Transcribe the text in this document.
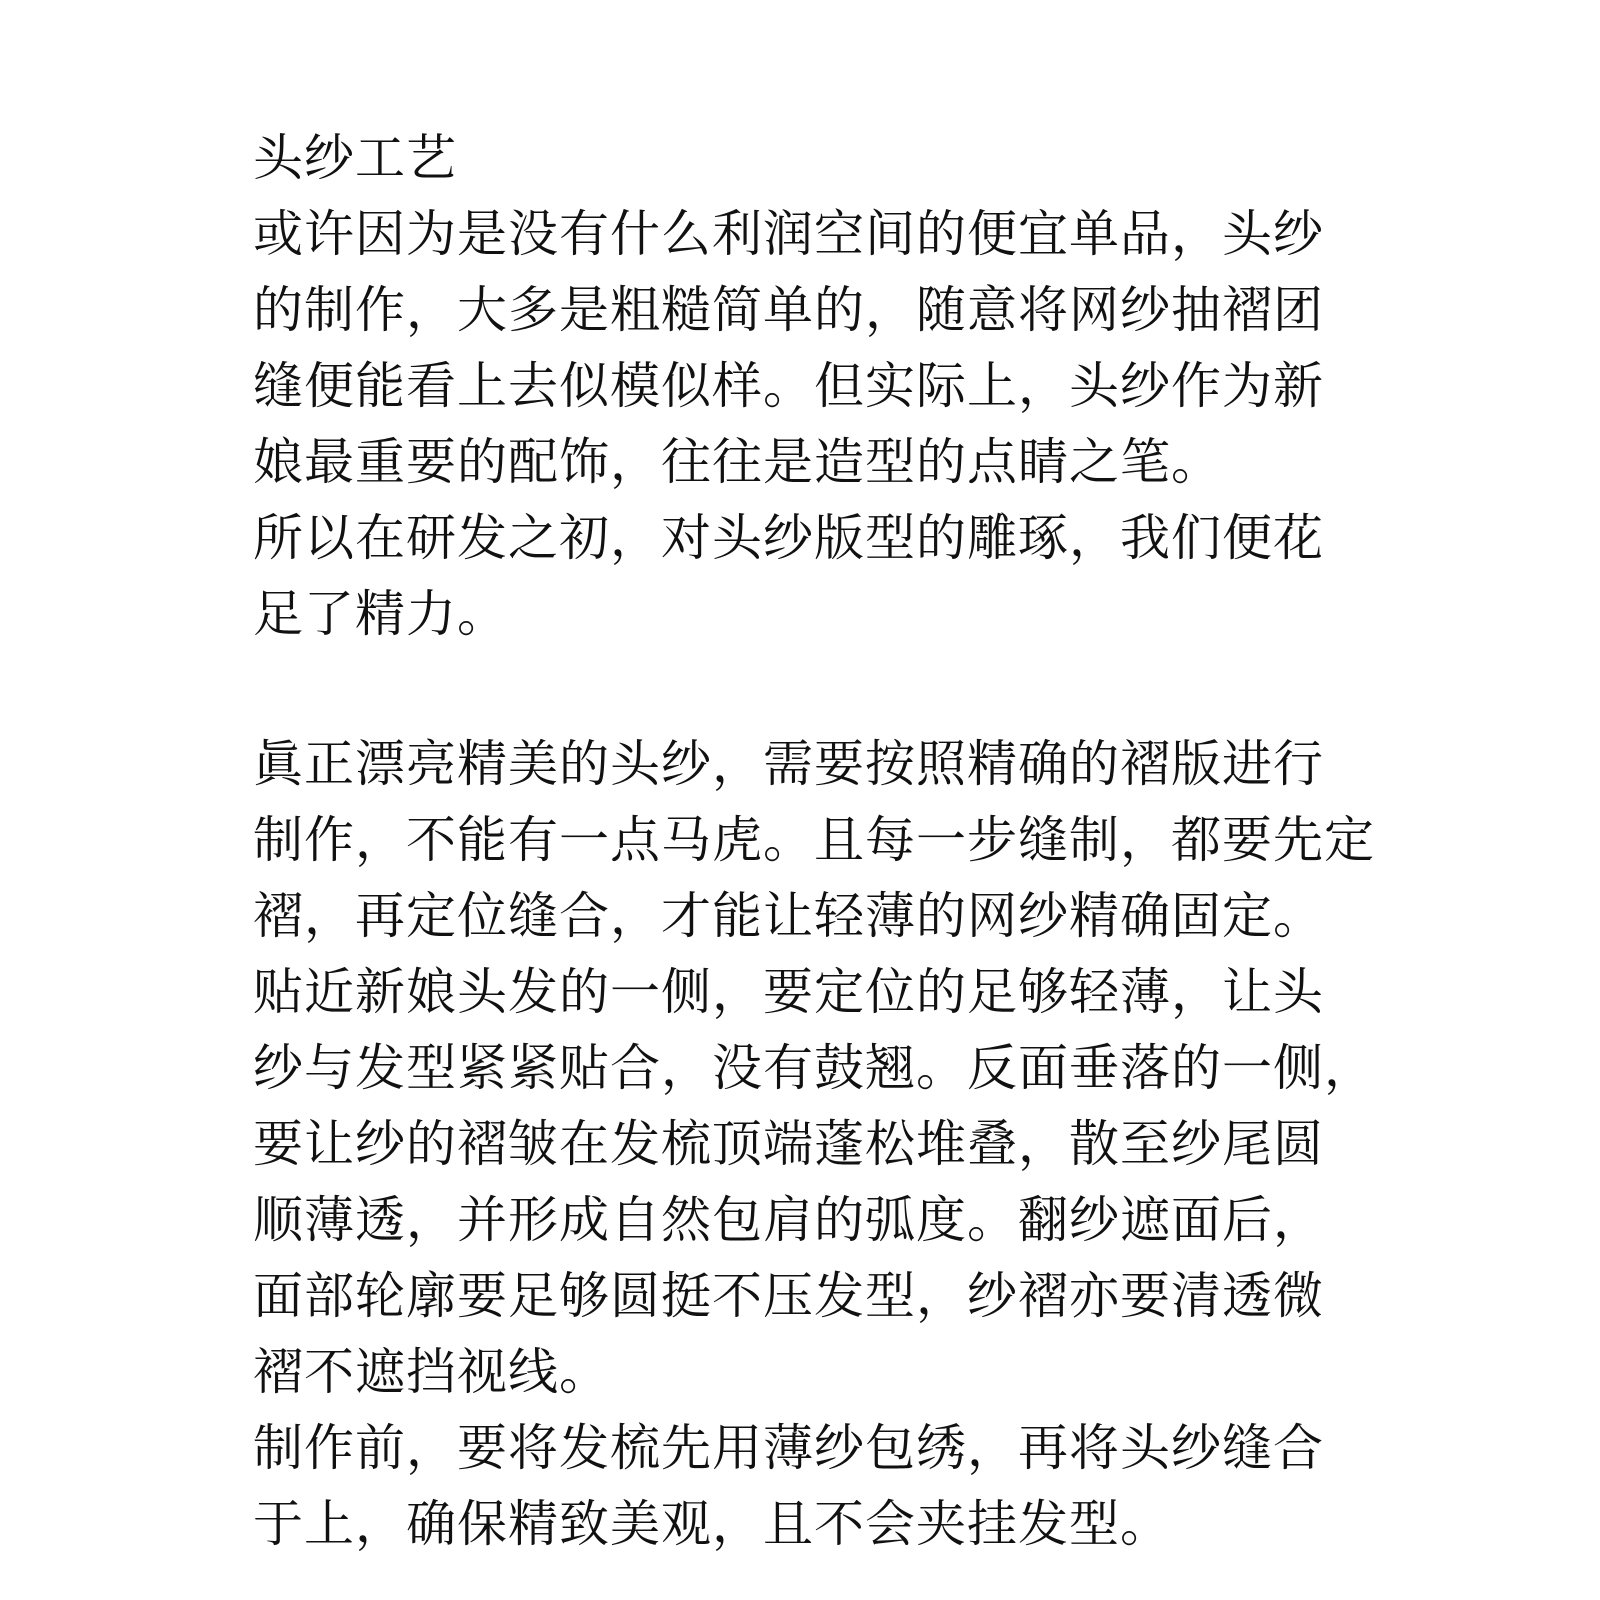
头纱工艺

或许因为是没有什么利润空间的便宜单品，头纱

的制作，大多是粗糙简单的，随意将网纱抽褶团

缝便能看上去似模似样。但实际上，头纱作为新

娘最重要的配饰，往往是造型的点睛之笔。

所以在研发之初，对头纱版型的雕琢，我们便花

足了精力。

眞正漂亮精美的头纱，需要按照精确的褶版进行

制作，不能有一点马虎。且每一步缝制，都要先定

褶，再定位缝合，才能让轻薄的网纱精确固定。

贴近新娘头发的一侧，要定位的足够轻薄，让头

纱与发型紧紧贴合，没有鼓翘。反面垂落的一侧，

要让纱的褶皱在发梳顶端蓬松堆叠，散至纱尾圆

顺薄透，并形成自然包肩的弧度。翻纱遮面后，

面部轮廓要足够圆挺不压发型，纱褶亦要清透微

褶不遮挡视线。

制作前，要将发梳先用薄纱包绣，再将头纱缝合

于上，确保精致美观，且不会夹挂发型。
